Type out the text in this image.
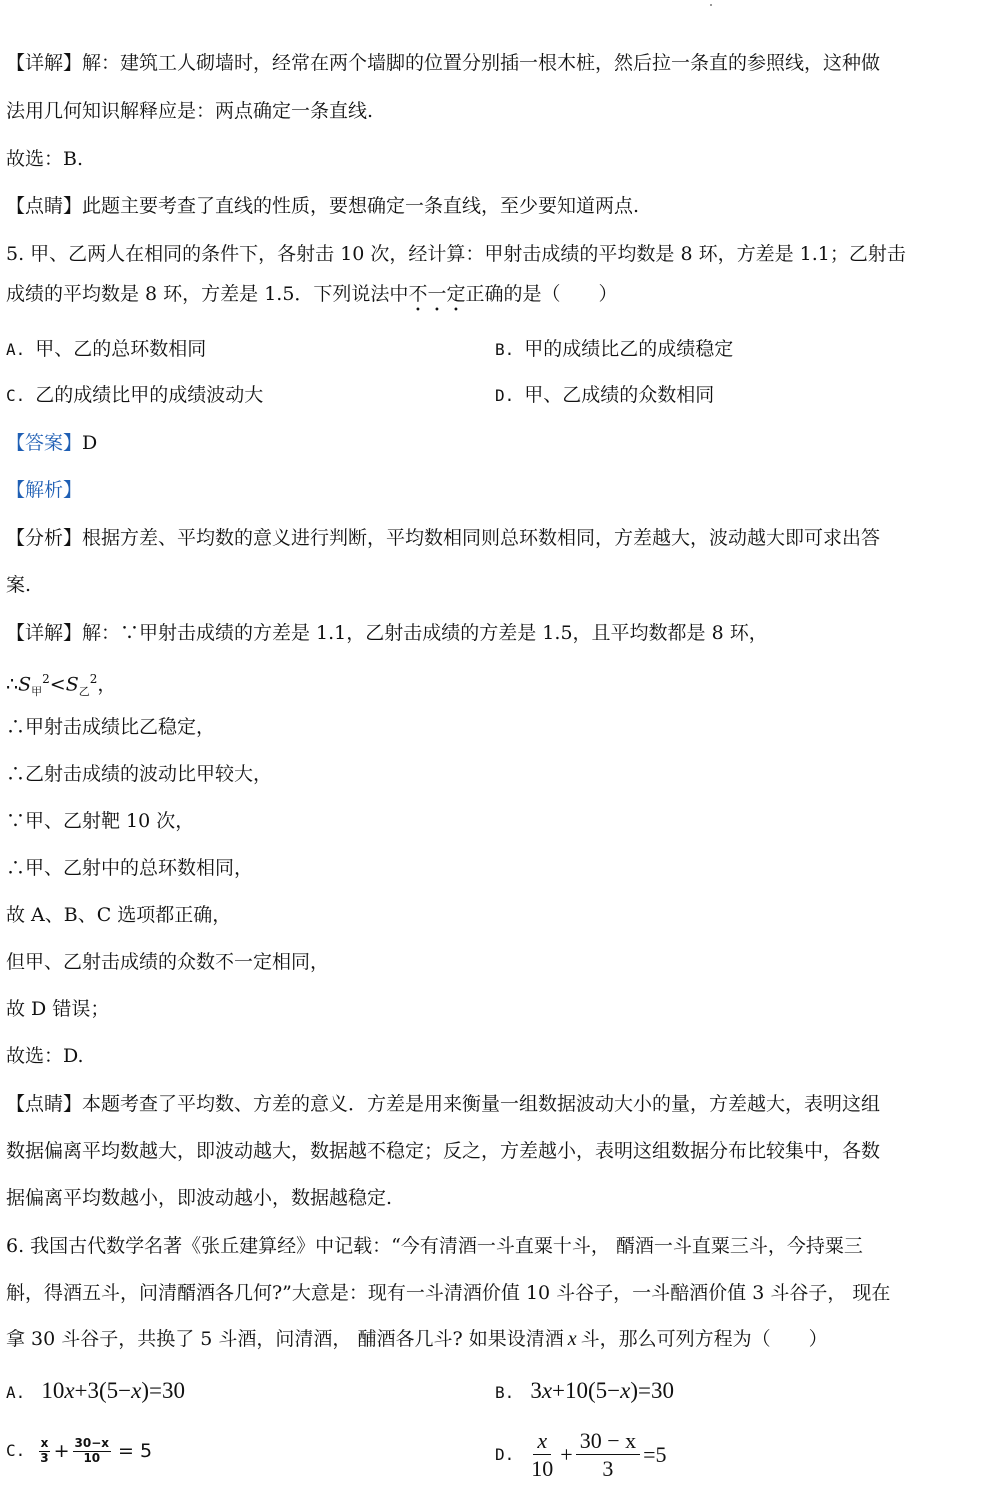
【详解】解：建筑工人砌墙时，经常在两个墙脚的位置分别插一根木桩，然后拉一条直的参照线，这种做
法用几何知识解释应是：两点确定一条直线.
故选：B.
【点睛】此题主要考查了直线的性质，要想确定一条直线，至少要知道两点.
5. 甲、乙两人在相同的条件下，各射击 10 次，经计算：甲射击成绩的平均数是 8 环，方差是 1.1；乙射击
成绩的平均数是 8 环，方差是 1.5．下列说法中不一定正确的是（　　）
A. 甲、乙的总环数相同	B. 甲的成绩比乙的成绩稳定
C. 乙的成绩比甲的成绩波动大	D. 甲、乙成绩的众数相同
【答案】D
【解析】
【分析】根据方差、平均数的意义进行判断，平均数相同则总环数相同，方差越大，波动越大即可求出答
案.
【详解】解：∵甲射击成绩的方差是 1.1，乙射击成绩的方差是 1.5，且平均数都是 8 环，
$\therefore S_甲^2<S_乙^2$，
∴甲射击成绩比乙稳定，
∴乙射击成绩的波动比甲较大，
∵甲、乙射靶 10 次，
∴甲、乙射中的总环数相同，
故 A、B、C 选项都正确，
但甲、乙射击成绩的众数不一定相同，
故 D 错误；
故选：D.
【点睛】本题考查了平均数、方差的意义．方差是用来衡量一组数据波动大小的量，方差越大，表明这组
数据偏离平均数越大，即波动越大，数据越不稳定；反之，方差越小，表明这组数据分布比较集中，各数
据偏离平均数越小，即波动越小，数据越稳定.
6. 我国古代数学名著《张丘建算经》中记载：“今有清酒一斗直粟十斗， 醑酒一斗直粟三斗，今持粟三
斛，得酒五斗，问清醑酒各几何?”大意是：现有一斗清酒价值 10 斗谷子，一斗醅酒价值 3 斗谷子， 现在
拿 30 斗谷子，共换了 5 斗酒，问清酒， 酺酒各几斗? 如果设清酒 x 斗，那么可列方程为（　　）
A. 10x+3(5−x)=30	B. 3x+10(5−x)=30
C. $\frac{x}{3} + \frac{30-x}{10} = 5$	D. $\frac{x}{10} + \frac{30 - x}{3} =5$
